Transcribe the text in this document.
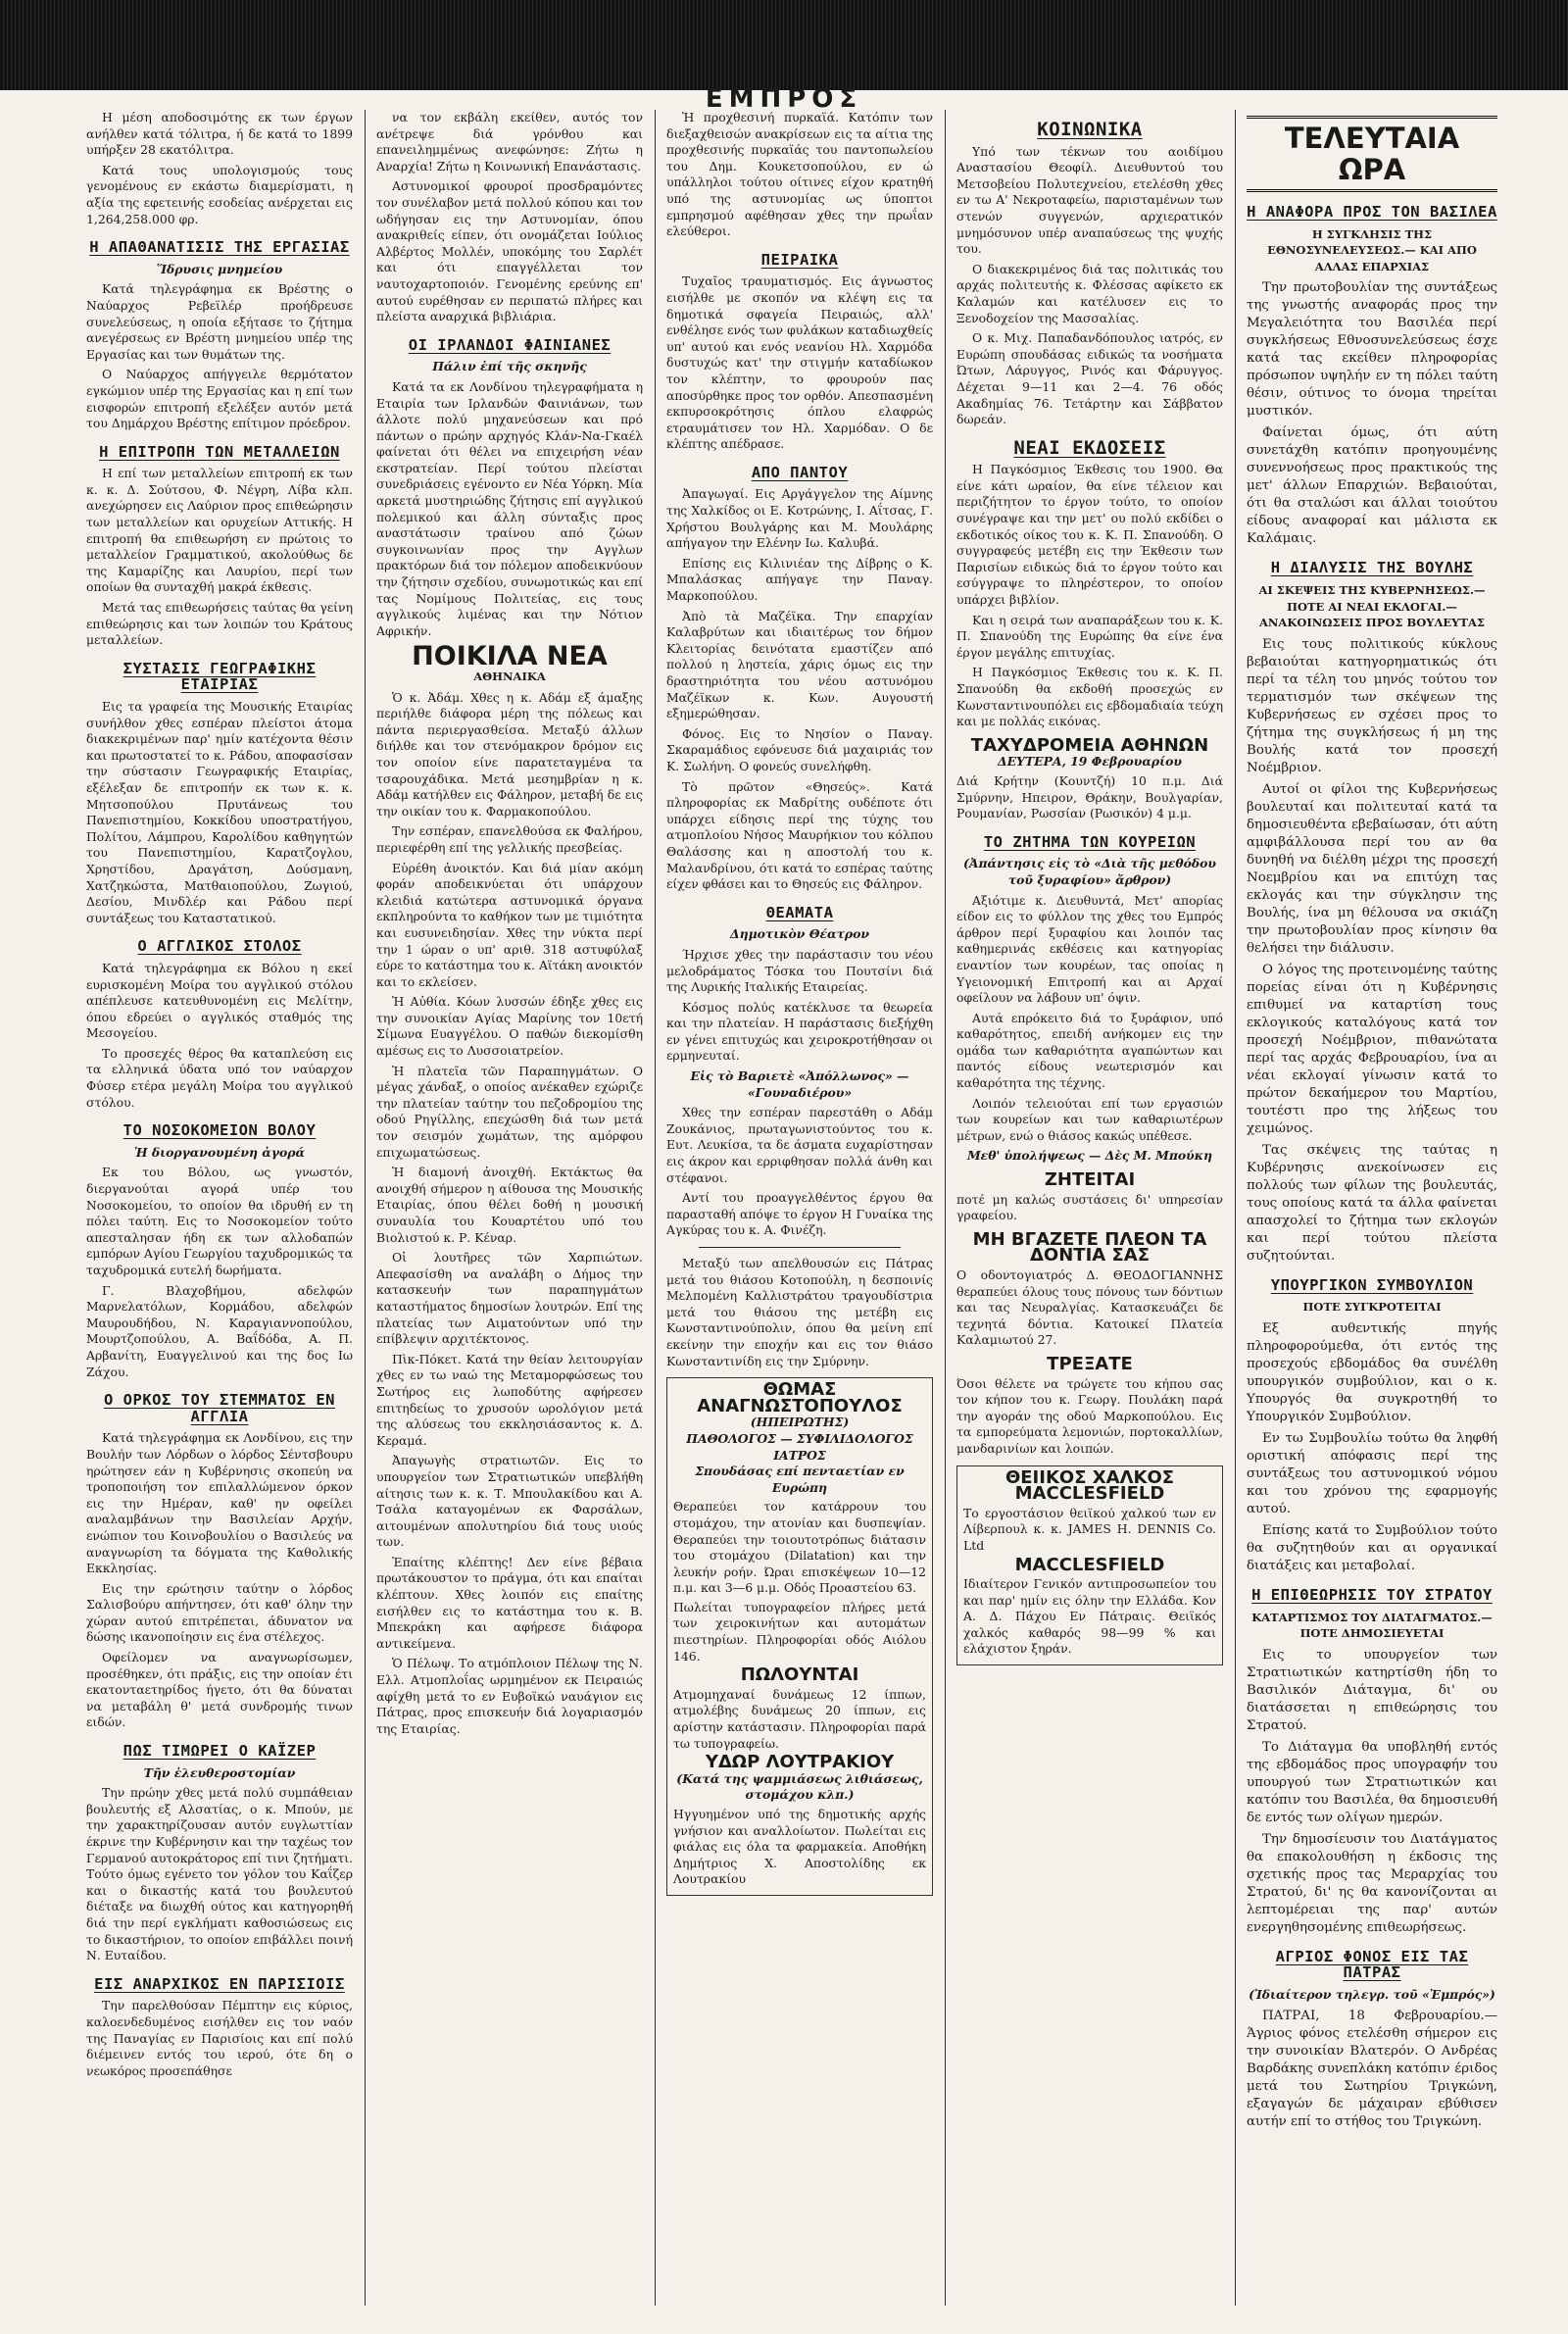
ΕΜΠΡΟΣ

Η μέση αποδοσιμότης εκ των έργων ανήλθεν κατά τόλιτρα, ή δε κατά το 1899 υπήρξεν 28 εκατόλιτρα.

Κατά τους υπολογισμούς τους γενομένους εν εκάστω διαμερίσματι, η αξία της εφετεινής εσοδείας ανέρχεται εις 1,264,258.000 φρ.

Η ΑΠΑΘΑΝΑΤΙΣΙΣ ΤΗΣ ΕΡΓΑΣΙΑΣ
Ἵδρυσις μνημείου

Κατά τηλεγράφημα εκ Βρέστης ο Ναύαρχος Ρεβεϊλέρ προήδρευσε συνελεύσεως, η οποία εξήτασε το ζήτημα ανεγέρσεως εν Βρέστη μνημείου υπέρ της Εργασίας και των θυμάτων της.

Ο Ναύαρχος απήγγειλε θερμότατον εγκώμιον υπέρ της Εργασίας και η επί των εισφορών επιτροπή εξελέξεν αυτόν μετά του Δημάρχου Βρέστης επίτιμον πρόεδρον.

Η ΕΠΙΤΡΟΠΗ ΤΩΝ ΜΕΤΑΛΛΕΙΩΝ

Η επί των μεταλλείων επιτροπή εκ των κ. κ. Δ. Σούτσου, Φ. Νέγρη, Λίβα κλπ. ανεχώρησεν εις Λαύριον προς επιθεώρησιν των μεταλλείων και ορυχείων Αττικής. Η επιτροπή θα επιθεωρήση εν πρώτοις το μεταλλείον Γραμματικού, ακολούθως δε της Καμαρίζης και Λαυρίου, περί των οποίων θα συνταχθή μακρά έκθεσις.

Μετά τας επιθεωρήσεις ταύτας θα γείνη επιθεώρησις και των λοιπών του Κράτους μεταλλείων.

ΣΥΣΤΑΣΙΣ ΓΕΩΓΡΑΦΙΚΗΣ ΕΤΑΙΡΙΑΣ

Εις τα γραφεία της Μουσικής Εταιρίας συνήλθον χθες εσπέραν πλείστοι άτομα διακεκριμένων παρ' ημίν κατέχοντα θέσιν και πρωτοστατεί το κ. Ράδου, αποφασίσαν την σύστασιν Γεωγραφικής Εταιρίας, εξέλεξαν δε επιτροπήν εκ των κ. κ. Μητσοπούλου Πρυτάνεως του Πανεπιστημίου, Κοκκίδου υποστρατήγου, Πολίτου, Λάμπρου, Καρολίδου καθηγητών του Πανεπιστημίου, Καρατζογλου, Χρηστίδου, Δραγάτση, Δούσμανη, Χατζηκώστα, Ματθαιοπούλου, Ζωγιού, Δεσίου, Μινδλέρ και Ράδου περί συντάξεως του Καταστατικού.

Ο ΑΓΓΛΙΚΟΣ ΣΤΟΛΟΣ

Κατά τηλεγράφημα εκ Βόλου η εκεί ευρισκομένη Μοίρα του αγγλικού στόλου απέπλευσε κατευθυνομένη εις Μελίτην, όπου εδρεύει ο αγγλικός σταθμός της Μεσογείου.

Το προσεχές θέρος θα καταπλεύση εις τα ελληνικά ύδατα υπό τον ναύαρχον Φύσερ ετέρα μεγάλη Μοίρα του αγγλικού στόλου.

ΤΟ ΝΟΣΟΚΟΜΕΙΟΝ ΒΟΛΟΥ
Ἡ διοργανουμένη ἀγορά

Εκ του Βόλου, ως γνωστόν, διεργανούται αγορά υπέρ του Νοσοκομείου, το οποίον θα ιδρυθή εν τη πόλει ταύτη. Εις το Νοσοκομείον τούτο απεσταλησαν ήδη εκ των αλλοδαπών εμπόρων Αγίου Γεωργίου ταχυδρομικώς τα ταχυδρομικά ευτελή δωρήματα.

Γ. Βλαχοβήμου, αδελφών Μαρνελατόλων, Κορμάδου, αδελφών Μαυρουδήδου, Ν. Καραγιαννοπούλου, Μουρτζοπούλου, Α. Βαΐδόδα, Α. Π. Αρβανίτη, Ευαγγελινού και της δος Ιω Ζάχου.

Ο ΟΡΚΟΣ ΤΟΥ ΣΤΕΜΜΑΤΟΣ ΕΝ ΑΓΓΛΙΑ

Κατά τηλεγράφημα εκ Λονδίνου, εις την Βουλήν των Λόρδων ο λόρδος Σέντσβουρυ ηρώτησεν εάν η Κυβέρνησις σκοπεύη να τροποποιήση τον επιλαλλώμενον όρκον εις την Ημέραν, καθ' ην οφείλει αναλαμβάνων την Βασιλείαν Αρχήν, ενώπιον του Κοινοβουλίου ο Βασιλεύς να αναγνωρίση τα δόγματα της Καθολικής Εκκλησίας.

Εις την ερώτησιν ταύτην ο λόρδος Σαλισβούρυ απήντησεν, ότι καθ' όλην την χώραν αυτού επιτρέπεται, άδυνατον να δώσης ικανοποίησιν εις ένα στέλεχος.

Οφείλομεν να αναγνωρίσωμεν, προσέθηκεν, ότι πράξις, εις την οποίαν έτι εκατονταετηρίδος ήγετο, ότι θα δύναται να μεταβάλη θ' μετά συνδρομής τινων ειδών.

ΠΩΣ ΤΙΜΩΡΕΙ Ο ΚΑΪΖΕΡ
Τῆν ἐλευθεροστομίαν

Την πρώην χθες μετά πολύ συμπάθειαν βουλευτής εξ Αλσατίας, ο κ. Μπούν, με την χαρακτηρίζουσαν αυτόν ευγλωττίαν έκρινε την Κυβέρνησιν και την ταχέως τον Γερμανού αυτοκράτορος επί τινι ζητήματι. Τούτο όμως εγένετο τον γόλον του Καΐζερ και ο δικαστής κατά του βουλευτού διέταξε να διωχθή ούτος και κατηγορηθή διά την περί εγκλήματι καθοσιώσεως εις το δικαστήριον, το οποίον επιβάλλει ποινή Ν. Ευταίδου.

ΕΙΣ ΑΝΑΡΧΙΚΟΣ ΕΝ ΠΑΡΙΣΙΟΙΣ

Την παρελθούσαν Πέμπτην εις κύριος, καλοενδεδυμένος εισήλθεν εις τον ναόν της Παναγίας εν Παρισίοις και επί πολύ διέμεινεν εντός του ιερού, ότε δη ο νεωκόρος προσεπάθησε

να τον εκβάλη εκείθεν, αυτός τον ανέτρεψε διά γρόνθου και επανειλημμένως ανεφώνησε: Ζήτω η Αναρχία! Ζήτω η Κοινωνική Επανάστασις.

Αστυνομικοί φρουροί προσδραμόντες τον συνέλαβον μετά πολλού κόπου και τον ωδήγησαν εις την Αστυνομίαν, όπου ανακριθείς είπεν, ότι ονομάζεται Ιούλιος Αλβέρτος Μολλέν, υποκόμης του Σαρλέτ και ότι επαγγέλλεται τον ναυτοχαρτοποιόν. Γενομένης ερεύνης επ' αυτού ευρέθησαν εν περιπατώ πλήρες και πλείστα αναρχικά βιβλιάρια.

ΟΙ ΙΡΛΑΝΔΟΙ ΦΑΙΝΙΑΝΕΣ
Πάλιν ἐπί τῆς σκηνῆς

Κατά τα εκ Λονδίνου τηλεγραφήματα η Εταιρία των Ιρλανδών Φαινιάνων, των άλλοτε πολύ μηχανεύσεων και πρό πάντων ο πρώην αρχηγός Κλάν-Να-Γκαέλ φαίνεται ότι θέλει να επιχειρήση νέαν εκστρατείαν. Περί τούτου πλείσται συνεδριάσεις εγένοντο εν Νέα Υόρκη. Μία αρκετά μυστηριώδης ζήτησις επί αγγλικού πολεμικού και άλλη σύνταξις προς αναστάτωσιν τραίνου από ζώων συγκοινωνίαν προς την Αγγλων πρακτόρων διά τον πόλεμον αποδεικνύουν την ζήτησιν σχεδίου, συνωμοτικώς και επί τας Νομίμους Πολιτείας, εις τους αγγλικούς λιμένας και την Νότιον Αφρικήν.

ΠΟΙΚΙΛΑ ΝΕΑ
ΑΘΗΝΑΙΚΑ

Ὁ κ. Ἀδάμ. Χθες η κ. Αδάμ εξ άμαξης περιήλθε διάφορα μέρη της πόλεως και πάντα περιεργασθείσα. Μεταξύ άλλων διήλθε και τον στενόμακρον δρόμον εις τον οποίον είνε παρατεταγμένα τα τσαρουχάδικα. Μετά μεσημβρίαν η κ. Αδάμ κατήλθεν εις Φάληρον, μεταβή δε εις την οικίαν του κ. Φαρμακοπούλου.

Την εσπέραν, επανελθούσα εκ Φαλήρου, περιεφέρθη επί της γελλικής πρεσβείας.

Εὑρέθη ἀνοικτόν. Και διά μίαν ακόμη φοράν αποδεικνύεται ότι υπάρχουν κλειδιά κατώτερα αστυνομικά όργανα εκπληρούντα το καθήκον των με τιμιότητα και ευσυνειδησίαν. Χθες την νύκτα περί την 1 ώραν ο υπ' αριθ. 318 αστυφύλαξ εύρε το κατάστημα του κ. Αϊτάκη ανοικτόν και το εκλείσεν.

Ἡ Αὐθία. Κόων λυσσών έδηξε χθες εις την συνοικίαν Αγίας Μαρίνης τον 10ετή Σίμωνα Ευαγγέλου. Ο παθών διεκομίσθη αμέσως εις το Λυσσοιατρείον.

Ἡ πλατεῖα τῶν Παραπηγμάτων. Ο μέγας χάνδαξ, ο οποίος ανέκαθεν εχώριζε την πλατείαν ταύτην του πεζοδρομίου της οδού Ρηγίλλης, επεχώσθη διά των μετά τον σεισμόν χωμάτων, της αμόρφου επιχωματώσεως.

Ἡ διαμονή ἀνοιχθή. Εκτάκτως θα ανοιχθή σήμερον η αίθουσα της Μουσικής Εταιρίας, όπου θέλει δοθή η μουσική συναυλία του Κουαρτέτου υπό του Βιολιστού κ. Ρ. Κέναρ.

Οἱ λουτῆρες τῶν Χαρπιώτων. Απεφασίσθη να αναλάβη ο Δήμος την κατασκευήν των παραπηγμάτων καταστήματος δημοσίων λουτρών. Επί της πλατείας των Αιματούντων υπό την επίβλεψιν αρχιτέκτονος.

Πὶκ-Πόκετ. Κατά την θείαν λειτουργίαν χθες εν τω ναώ της Μεταμορφώσεως του Σωτήρος εις λωποδύτης αφήρεσεν επιτηδείως το χρυσούν ωρολόγιον μετά της αλύσεως του εκκλησιάσαντος κ. Δ. Κεραμά.

Ἀπαγωγὴς στρατιωτῶν. Εις το υπουργείον των Στρατιωτικών υπεβλήθη αίτησις των κ. κ. Τ. Μπουλακίδου και Α. Τσάλα καταγομένων εκ Φαρσάλων, αιτουμένων απολυτηρίου διά τους υιούς των.

Ἐπαίτης κλέπτης! Δεν είνε βέβαια πρωτάκουστον το πράγμα, ότι και επαίται κλέπτουν. Χθες λοιπόν εις επαίτης εισήλθεν εις το κατάστημα του κ. Β. Μπεκράκη και αφήρεσε διάφορα αντικείμενα.

Ὁ Πέλωψ. Το ατμόπλοιον Πέλωψ της Ν. Ελλ. Ατμοπλοΐας ωρμημένον εκ Πειραιώς αφίχθη μετά το εν Ευβοϊκώ ναυάγιον εις Πάτρας, προς επισκευήν διά λογαριασμόν της Εταιρίας.

Ἡ προχθεσινή πυρκαϊά. Κατόπιν των διεξαχθεισών ανακρίσεων εις τα αίτια της προχθεσινής πυρκαϊάς του παντοπωλείου του Δημ. Κουκετσοπούλου, εν ώ υπάλληλοι τούτου οίτινες είχον κρατηθή υπό της αστυνομίας ως ύποπτοι εμπρησμού αφέθησαν χθες την πρωΐαν ελεύθεροι.

ΠΕΙΡΑΙΚΑ

Τυχαῖος τραυματισμός. Εις άγνωστος εισήλθε με σκοπόν να κλέψη εις τα δημοτικά σφαγεία Πειραιώς, αλλ' ενθέλησε ενός των φυλάκων καταδιωχθείς υπ' αυτού και ενός νεανίου Ηλ. Χαρμόδα δυστυχώς κατ' την στιγμήν καταδίωκον τον κλέπτην, το φρουρούν πας αποσύρθηκε προς τον ορθόν. Απεσπασμένη εκπυρσοκρότησις όπλου ελαφρώς ετραυμάτισεν τον Ηλ. Χαρμόδαν. Ο δε κλέπτης απέδρασε.

ΑΠΟ ΠΑΝΤΟΥ

Ἀπαγωγαί. Εις Αργάγγελον της Αίμνης της Χαλκίδος οι Ε. Κοτρώνης, Ι. Αΐτσας, Γ. Χρήστου Βουλγάρης και Μ. Μουλάρης απήγαγον την Ελένην Ιω. Καλυβά.

Επίσης εις Κιλινιέαν της Δίβρης ο Κ. Μπαλάσκας απήγαγε την Παναγ. Μαρκοπούλου.

Ἀπὸ τὰ Μαζέϊκα. Την επαρχίαν Καλαβρύτων και ιδιαιτέρως τον δήμον Κλειτορίας δεινότατα εμαστίζεν από πολλού η ληστεία, χάρις όμως εις την δραστηριότητα του νέου αστυνόμου Μαζέϊκων κ. Κων. Αυγουστή εξημερώθησαν.

Φόνος. Εις το Νησίον ο Παναγ. Σκαραμάδιος εφόνευσε διά μαχαιριάς τον Κ. Σωλήνη. Ο φονεύς συνελήφθη.

Τὸ πρῶτον «Θησεύς». Κατά πληροφορίας εκ Μαδρίτης ουδέποτε ότι υπάρχει είδησις περί της τύχης του ατμοπλοίου Νήσος Μαυρήκιον του κόλπου Θαλάσσης και η αποστολή του κ. Μαλανδρίνου, ότι κατά το εσπέρας ταύτης είχεν φθάσει και το Θησεύς εις Φάληρον.

ΘΕΑΜΑΤΑ
Δημοτικὸν Θέατρον

Ήρχισε χθες την παράστασιν του νέου μελοδράματος Τόσκα του Πουτσίνι διά της Λυρικής Ιταλικής Εταιρείας.

Κόσμος πολύς κατέκλυσε τα θεωρεία και την πλατείαν. Η παράστασις διεξήχθη εν γένει επιτυχώς και χειροκροτήθησαν οι ερμηνευταί.

Εἰς τὸ Βαριετὲ «Ἀπόλλωνος» — «Γουναδιέρου»

Χθες την εσπέραν παρεστάθη ο Αδάμ Ζουκάνιος, πρωταγωνιστούντος του κ. Ευτ. Λευκίσα, τα δε άσματα ευχαρίστησαν εις άκρον και ερριφθησαν πολλά άνθη και στέφανοι.

Αντί του προαγγελθέντος έργου θα παρασταθή απόψε το έργον Η Γυναίκα της Αγκύρας του κ. Α. Φινέζη.

Μεταξύ των απελθουσών εις Πάτρας μετά του θιάσου Κοτοπούλη, η δεσποινίς Μελπομένη Καλλιστράτου τραγουδίστρια μετά του θιάσου της μετέβη εις Κωνσταντινούπολιν, όπου θα μείνη επί εκείνην την εποχήν και εις τον θιάσο Κωνσταντινίδη εις την Σμύρνην.

ΘΩΜΑΣ ΑΝΑΓΝΩΣΤΟΠΟΥΛΟΣ
(ΗΠΕΙΡΩΤΗΣ)
ΠΑΘΟΛΟΓΟΣ — ΣΥΦΙΛΙΔΟΛΟΓΟΣ ΙΑΤΡΟΣ
Σπουδάσας επί πενταετίαν εν Ευρώπη
Θεραπεύει τον κατάρρουν του στομάχου, την ατονίαν και δυσπεψίαν. Θεραπεύει την τοιουτοτρόπως διάτασιν του στομάχου (Dilatation) και την λευκήν ροήν. Ώραι επισκέψεων 10—12 π.μ. και 3—6 μ.μ. Οδός Προαστείου 63.
Πωλείται τυπογραφείον πλήρες μετά των χειροκινήτων και αυτομάτων πιεστηρίων. Πληροφορίαι οδός Αιόλου 146.
ΠΩΛΟΥΝΤΑΙ
Ατμομηχαναί δυνάμεως 12 ίππων, ατμολέβης δυνάμεως 20 ίππων, εις αρίστην κατάστασιν. Πληροφορίαι παρά τω τυπογραφείω.
ΥΔΩΡ ΛΟΥΤΡΑΚΙΟΥ
(Κατά της ψαμμιάσεως λιθιάσεως, στομάχου κλπ.)
Ηγγυημένον υπό της δημοτικής αρχής γνήσιον και αναλλοίωτον. Πωλείται εις φιάλας εις όλα τα φαρμακεία. Αποθήκη Δημήτριος Χ. Αποστολίδης εκ Λουτρακίου
ΚΟΙΝΩΝΙΚΑ

Υπό των τέκνων του αοιδίμου Αναστασίου Θεοφίλ. Διευθυντού του Μετσοβείου Πολυτεχνείου, ετελέσθη χθες εν τω Α' Νεκροταφείω, παρισταμένων των στενών συγγενών, αρχιερατικόν μνημόσυνον υπέρ αναπαύσεως της ψυχής του.

Ο διακεκριμένος διά τας πολιτικάς του αρχάς πολιτευτής κ. Φλέσσας αφίκετο εκ Καλαμών και κατέλυσεν εις το Ξενοδοχείον της Μασσαλίας.

Ο κ. Μιχ. Παπαδανδόπουλος ιατρός, εν Ευρώπη σπουδάσας ειδικώς τα νοσήματα Ώτων, Λάρυγγος, Ρινός και Φάρυγγος. Δέχεται 9—11 και 2—4. 76 οδός Ακαδημίας 76. Τετάρτην και Σάββατον δωρεάν.

ΝΕΑΙ ΕΚΔΟΣΕΙΣ

Η Παγκόσμιος Έκθεσις του 1900. Θα είνε κάτι ωραίον, θα είνε τέλειον και περιζήτητον το έργον τούτο, το οποίον συνέγραψε και την μετ' ου πολύ εκδίδει ο εκδοτικός οίκος του κ. Κ. Π. Σπανούδη. Ο συγγραφεύς μετέβη εις την Έκθεσιν των Παρισίων ειδικώς διά το έργον τούτο και εσύγγραψε το πληρέστερον, το οποίον υπάρχει βιβλίον.

Και η σειρά των αναπαράξεων του κ. Κ. Π. Σπανούδη της Ευρώπης θα είνε ένα έργον μεγάλης επιτυχίας.

Η Παγκόσμιος Έκθεσις του κ. Κ. Π. Σπανούδη θα εκδοθή προσεχώς εν Κωνσταντινουπόλει εις εβδομαδιαία τεύχη και με πολλάς εικόνας.

ΤΑΧΥΔΡΟΜΕΙΑ ΑΘΗΝΩΝ
ΔΕΥΤΕΡΑ, 19 Φεβρουαρίου
Διά Κρήτην (Κουντζή) 10 π.μ. Διά Σμύρνην, Ηπειρον, Θράκην, Βουλγαρίαν, Ρουμανίαν, Ρωσσίαν (Ρωσικόν) 4 μ.μ.
ΤΟ ΖΗΤΗΜΑ ΤΩΝ ΚΟΥΡΕΙΩΝ
(Ἀπάντησις εἰς τὸ «Διὰ τῆς μεθόδου τοῦ ξυραφίου» ἄρθρον)

Αξιότιμε κ. Διευθυντά, Μετ' απορίας είδον εις το φύλλον της χθες του Εμπρός άρθρον περί ξυραφίου και λοιπόν τας καθημερινάς εκθέσεις και κατηγορίας εναντίον των κουρέων, τας οποίας η Υγειονομική Επιτροπή και αι Αρχαί οφείλουν να λάβουν υπ' όψιν.

Αυτά επρόκειτο διά το ξυράφιον, υπό καθαρότητος, επειδή ανήκομεν εις την ομάδα των καθαριότητα αγαπώντων και παντός είδους νεωτερισμόν και καθαρότητα της τέχνης.

Λοιπόν τελειούται επί των εργασιών των κουρείων και των καθαριωτέρων μέτρων, ενώ ο θιάσος κακώς υπέθεσε.

Μεθ' ὑπολήψεως — Δὲς Μ. Μπούκη
ΖΗΤΕΙΤΑΙ
ποτέ μη καλώς συστάσεις δι' υπηρεσίαν γραφείου.
ΜΗ ΒΓΑΖΕΤΕ ΠΛΕΟΝ ΤΑ ΔΟΝΤΙΑ ΣΑΣ
Ο οδοντογιατρός Δ. ΘΕΟΔΟΓΙΑΝΝΗΣ θεραπεύει όλους τους πόνους των δόντιων και τας Νευραλγίας. Κατασκευάζει δε τεχνητά δόντια. Κατοικεί Πλατεία Καλαμιωτού 27.
ΤΡΕΞΑΤΕ
Όσοι θέλετε να τρώγετε του κήπου σας τον κήπον του κ. Γεωργ. Πουλάκη παρά την αγοράν της οδού Μαρκοπούλου. Εις τα εμπορεύματα λεμονιών, πορτοκαλλίων, μανδαρινίων και λοιπών.
ΘΕΙΙΚΟΣ ΧΑΛΚΟΣ
MACCLESFIELD
Το εργοστάσιον θειϊκού χαλκού των εν Λίβερπουλ κ. κ. JAMES H. DENNIS Co. Ltd
MACCLESFIELD
Ιδιαίτερον Γενικόν αντιπροσωπείον του και παρ' ημίν εις όλην την Ελλάδα. Κον Α. Δ. Πάχου Εν Πάτραις. Θειϊκός χαλκός καθαρός 98—99 % και ελάχιστον ξηράν.
ΤΕΛΕΥΤΑΙΑ ΩΡΑ
Η ΑΝΑΦΟΡΑ ΠΡΟΣ ΤΟΝ ΒΑΣΙΛΕΑ
Η ΣΥΓΚΛΗΣΙΣ ΤΗΣ ΕΘΝΟΣΥΝΕΛΕΥΣΕΩΣ.— ΚΑΙ ΑΠΟ ΑΛΛΑΣ ΕΠΑΡΧΙΑΣ

Την πρωτοβουλίαν της συντάξεως της γνωστής αναφοράς προς την Μεγαλειότητα του Βασιλέα περί συγκλήσεως Εθνοσυνελεύσεως έσχε κατά τας εκείθεν πληροφορίας πρόσωπον υψηλήν εν τη πόλει ταύτη θέσιν, ούτινος το όνομα τηρείται μυστικόν.

Φαίνεται όμως, ότι αύτη συνετάχθη κατόπιν προηγουμένης συνεννοήσεως προς πρακτικούς της μετ' άλλων Επαρχιών. Βεβαιούται, ότι θα σταλώσι και άλλαι τοιούτου είδους αναφοραί και μάλιστα εκ Καλάμαις.

Η ΔΙΑΛΥΣΙΣ ΤΗΣ ΒΟΥΛΗΣ
ΑΙ ΣΚΕΨΕΙΣ ΤΗΣ ΚΥΒΕΡΝΗΣΕΩΣ.— ΠΟΤΕ ΑΙ ΝΕΑΙ ΕΚΛΟΓΑΙ.— ΑΝΑΚΟΙΝΩΣΕΙΣ ΠΡΟΣ ΒΟΥΛΕΥΤΑΣ

Εις τους πολιτικούς κύκλους βεβαιούται κατηγορηματικώς ότι περί τα τέλη του μηνός τούτου τον τερματισμόν των σκέψεων της Κυβερνήσεως εν σχέσει προς το ζήτημα της συγκλήσεως ή μη της Βουλής κατά τον προσεχή Νοέμβριον.

Αυτοί οι φίλοι της Κυβερνήσεως βουλευταί και πολιτευταί κατά τα δημοσιευθέντα εβεβαίωσαν, ότι αύτη αμφιβάλλουσα περί του αν θα δυνηθή να διέλθη μέχρι της προσεχή Νοεμβρίου και να επιτύχη τας εκλογάς και την σύγκλησιν της Βουλής, ίνα μη θέλουσα να σκιάζη την πρωτοβουλίαν προς κίνησιν θα θελήσει την διάλυσιν.

Ο λόγος της προτεινομένης ταύτης πορείας είναι ότι η Κυβέρνησις επιθυμεί να καταρτίση τους εκλογικούς καταλόγους κατά τον προσεχή Νοέμβριον, πιθανώτατα περί τας αρχάς Φεβρουαρίου, ίνα αι νέαι εκλογαί γίνωσιν κατά το πρώτον δεκαήμερον του Μαρτίου, τουτέστι προ της λήξεως του χειμώνος.

Τας σκέψεις της ταύτας η Κυβέρνησις ανεκοίνωσεν εις πολλούς των φίλων της βουλευτάς, τους οποίους κατά τα άλλα φαίνεται απασχολεί το ζήτημα των εκλογών και περί τούτου πλείστα συζητούνται.

ΥΠΟΥΡΓΙΚΟΝ ΣΥΜΒΟΥΛΙΟΝ
ΠΟΤΕ ΣΥΓΚΡΟΤΕΙΤΑΙ

Εξ αυθεντικής πηγής πληροφορούμεθα, ότι εντός της προσεχούς εβδομάδος θα συνέλθη υπουργικόν συμβούλιον, και ο κ. Υπουργός θα συγκροτηθή το Υπουργικόν Συμβούλιον.

Εν τω Συμβουλίω τούτω θα ληφθή οριστική απόφασις περί της συντάξεως του αστυνομικού νόμου και του χρόνου της εφαρμογής αυτού.

Επίσης κατά το Συμβούλιον τούτο θα συζητηθούν και αι οργανικαί διατάξεις και μεταβολαί.

Η ΕΠΙΘΕΩΡΗΣΙΣ ΤΟΥ ΣΤΡΑΤΟΥ
ΚΑΤΑΡΤΙΣΜΟΣ ΤΟΥ ΔΙΑΤΑΓΜΑΤΟΣ.— ΠΟΤΕ ΔΗΜΟΣΙΕΥΕΤΑΙ

Εις το υπουργείον των Στρατιωτικών κατηρτίσθη ήδη το Βασιλικόν Διάταγμα, δι' ου διατάσσεται η επιθεώρησις του Στρατού.

Το Διάταγμα θα υποβληθή εντός της εβδομάδος προς υπογραφήν του υπουργού των Στρατιωτικών και κατόπιν του Βασιλέα, θα δημοσιευθή δε εντός των ολίγων ημερών.

Την δημοσίευσιν του Διατάγματος θα επακολουθήση η έκδοσις της σχετικής προς τας Μεραρχίας του Στρατού, δι' ης θα κανονίζονται αι λεπτομέρειαι της παρ' αυτών ενεργηθησομένης επιθεωρήσεως.

ΑΓΡΙΟΣ ΦΟΝΟΣ ΕΙΣ ΤΑΣ ΠΑΤΡΑΣ
(Ἰδιαίτερον τηλεγρ. τοῦ «Ἐμπρός»)

ΠΑΤΡΑΙ, 18 Φεβρουαρίου.— Άγριος φόνος ετελέσθη σήμερον εις την συνοικίαν Βλατερόν. Ο Ανδρέας Βαρδάκης συνεπλάκη κατόπιν έριδος μετά του Σωτηρίου Τριγκώνη, εξαγαγών δε μάχαιραν εβύθισεν αυτήν επί το στήθος του Τριγκώνη.
